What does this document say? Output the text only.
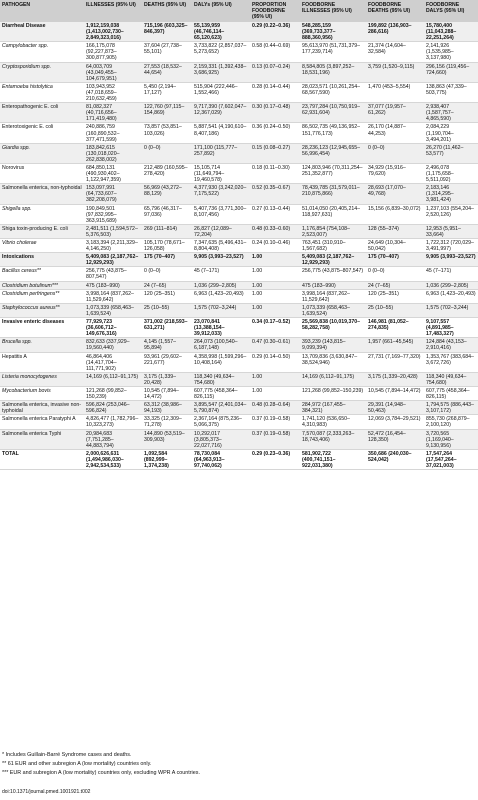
PATHOGEN	ILLNESSES (95% UI)	DEATHS (95% UI)	DALYs (95% UI)	PROPORTION FOODBORNE (95% UI)	FOODBORNE ILLNESSES (95% UI)	FOODBORNE DEATHS (95% UI)	FOODBORNE DALYS (95% UI)
Diarrheal Disease	1,912,159,038 (1,413,002,730–2,849,323,016)	715,196 (603,325–846,397)	55,139,959 (46,746,114–65,120,623)	0.29 (0.22–0.36)	548,285,159 (369,733,377–888,360,956)	199,892 (136,903–286,616)	15,780,400 (11,043,288–22,251,264)
Campylobacter spp.	166,175,078 (92,227,873–300,877,905)	37,604 (27,738–55,101)	3,733,822 (2,857,037–5,273,652)	0.58 (0.44–0.69)	95,613,970 (51,731,379–177,239,714)	21,374 (14,604–32,584)	2,141,926 (1,535,985–3,137,980)
Cryptosporidium spp.	64,003,709 (43,049,455–104,679,951)	27,553 (18,532–44,654)	2,159,331 (1,392,438–3,686,925)	0.13 (0.07–0.24)	8,584,805 (3,897,252–18,531,196)	3,759 (1,520–9,115)	296,156 (119,456–724,660)
Entamoeba histolytica	103,943,952 (47,018,659–210,632,459)	5,450 (2,194–17,127)	515,904 (222,446–1,552,466)	0.28 (0.14–0.44)	28,023,571 (10,261,254–68,567,590)	1,470 (453–5,554)	138,863 (47,339–503,775)
Enteropathogenic E. coli	81,082,327 (40,716,656–171,419,480)	122,760 (97,115–154,869)	9,717,390 (7,602,047–12,367,029)	0.30 (0.17–0.48)	23,797,284 (10,750,919–62,931,604)	37,077 (19,957–61,262)	2,938,407 (1,587,757–4,865,590)
Enterotoxigenic E. coli	240,886,759 (160,890,532–377,471,599)	73,857 (53,851–103,026)	5,887,541 (4,190,610–8,407,186)	0.36 (0.24–0.50)	86,502,735 (49,136,952–151,776,173)	26,170 (14,887–44,253)	2,084,229 (1,190,704–3,494,201)
Giardia spp.	183,842,615 (130,018,020–262,838,002)	0 (0–0)	171,100 (115,777–257,892)	0.15 (0.08–0.27)	28,236,123 (12,945,655–56,996,454)	0 (0–0)	26,270 (11,462–53,577)
Norovirus	684,850,131 (490,930,402–1,122,947,359)	212,489 (160,595–278,420)	15,105,714 (11,649,794–19,460,578)	0.18 (0.11–0.30)	124,803,946 (70,311,254–251,352,877)	34,929 (15,916–79,620)	2,496,078 (1,175,658–5,511,092)
Salmonella enterica, non-typhoidal	153,097,991 (64,733,607–382,208,079)	56,969 (43,272–88,129)	4,377,930 (3,242,020–7,175,522)	0.52 (0.35–0.67)	78,439,785 (31,579,011–210,875,866)	28,693 (17,070–49,768)	2,183,146 (1,314,295–3,981,424)
Shigella spp.	190,849,501 (97,832,995–363,915,689)	65,796 (46,317–97,036)	5,407,736 (3,771,300–8,107,456)	0.27 (0.13–0.44)	51,014,050 (20,405,214–118,927,631)	15,156 (6,839–30,072)	1,237,103 (554,204–2,520,126)
Shiga toxin-producing E. coli	2,481,511 (1,594,572–5,376,503)	269 (111–814)	26,827 (12,089–72,204)	0.48 (0.33–0.60)	1,176,854 (754,108–2,523,007)	128 (55–374)	12,953 (5,951–33,664)
Vibrio cholerae	3,183,394 (2,211,329–4,146,250)	105,170 (78,671–126,058)	7,347,635 (5,496,431–8,804,408)	0.24 (0.10–0.46)	763,451 (310,910–1,567,682)	24,649 (10,304–50,042)	1,722,312 (720,029–3,491,997)
Intoxications	5,409,083 (2,187,762–12,929,293)	175 (70–407)	9,905 (3,993–23,527)	1.00	5,409,083 (2,187,762–12,929,293)	175 (70–407)	9,905 (3,993–23,527)
Bacillus cereus**	256,775 (43,875–807,547)	0 (0–0)	45 (7–171)	1.00	256,775 (43,875–807,547)	0 (0–0)	45 (7–171)
Clostridium botulinum***	475 (183–990)	24 (7–65)	1,036 (299–2,805)	1.00	475 (183–990)	24 (7–65)	1,036 (299–2,805)
Clostridium perfringens**	3,998,164 (837,262–11,529,642)	120 (25–351)	6,963 (1,423–20,493)	1.00	3,998,164 (837,262–11,529,642)	120 (25–351)	6,963 (1,423–20,493)
Staphylococcus aureus**	1,073,339 (658,463–1,639,524)	25 (10–55)	1,575 (702–3,244)	1.00	1,073,339 (658,463–1,639,524)	25 (10–55)	1,575 (702–3,244)
Invasive enteric diseases	77,929,723 (36,606,712–149,676,316)	371,002 (218,593–631,271)	23,070,841 (13,388,154–39,912,033)	0.34 (0.17–0.52)	25,569,838 (10,019,370–58,282,758)	146,981 (81,052–274,835)	9,107,557 (4,891,985–17,483,327)
Brucella spp.	832,633 (337,929–19,560,440)	4,145 (1,557–95,894)	264,073 (100,540–6,187,148)	0.47 (0.30–0.61)	393,239 (143,815–9,099,394)	1,957 (661–45,545)	124,884 (43,153–2,910,416)
Hepatitis A	46,864,406 (14,417,704–111,771,902)	93,961 (29,602–221,677)	4,358,998 (1,599,296–10,408,164)	0.29 (0.14–0.50)	13,709,836 (3,630,847–38,524,946)	27,731 (7,169–77,320)	1,353,767 (383,684–3,672,726)
Listeria monocytogenes	14,169 (6,112–91,175)	3,175 (1,339–20,428)	118,340 (49,634–754,680)	1.00	14,169 (6,112–91,175)	3,175 (1,339–20,428)	118,340 (49,634–754,680)
Mycobacterium bovis	121,268 (99,852–150,239)	10,545 (7,894–14,472)	607,775 (458,364–826,115)	1.00	121,268 (99,852–150,239)	10,545 (7,894–14,472)	607,775 (458,364–826,115)
Salmonella enterica, invasive non-typhoidal	596,824 (253,046–596,824)	63,312 (38,986–94,193)	3,895,547 (2,401,034–5,790,874)	0.48 (0.28–0.64)	284,972 (167,455–384,321)	29,391 (14,948–50,463)	1,794,575 (886,443–3,107,172)
Salmonella enterica Paratyphi A	4,826,477 (1,782,796–10,323,273)	33,325 (12,309–71,278)	2,367,164 (875,236–5,066,375)	0.37 (0.19–0.58)	1,741,120 (536,650–4,310,983)	12,069 (3,784–29,521)	855,730 (268,879–2,100,120)
Salmonella enterica Typhi	20,984,683 (7,751,285–44,883,794)	144,890 (53,519–309,903)	10,292,017 (3,805,373–22,027,716)	0.37 (0.19–0.58)	7,570,087 (2,333,263–18,743,406)	52,472 (16,454–128,350)	3,720,565 (1,169,040–9,130,956)
TOTAL	2,000,626,631 (1,494,986,030–2,942,534,533)	1,092,584 (892,999–1,374,238)	78,730,084 (64,963,913–97,740,062)	0.29 (0.23–0.36)	581,902,722 (400,741,151–922,031,380)	350,686 (240,030–524,042)	17,547,264 (17,547,264–37,021,003)
* Includes Guillain-Barré Syndrome cases and deaths.
** 61 EUR and other subregion A (low mortality) countries only.
*** EUR and subregion A (low mortality) countries only, excluding WPR A countries.
doi:10.1371/journal.pmed.1001921.t002
